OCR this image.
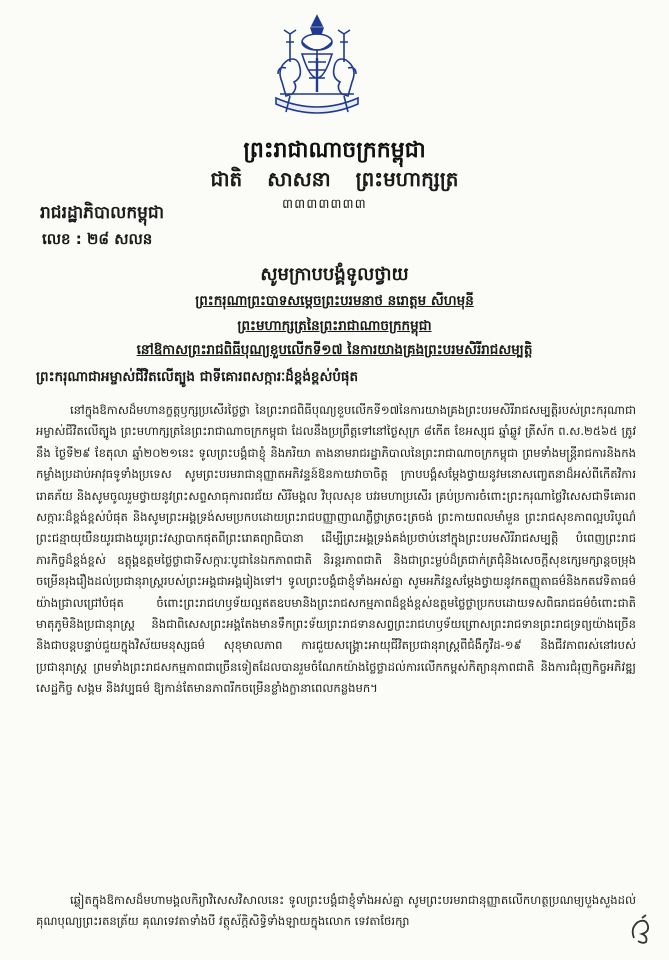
ព្រះរាជាណាចក្រកម្ពុជា
ជាតិ សាសនា ព្រះមហាក្សត្រ
៣៣៣៣៣៣៣
រាជរដ្ឋាភិបាលកម្ពុជា
លេខ : ២៨ សលន
សូមក្រាបបង្គំទូលថ្វាយ
ព្រះករុណាព្រះបាទសម្ដេចព្រះបរមនាថ នរោត្តម សីហមុនី
ព្រះមហាក្សត្រនៃព្រះរាជាណាចក្រកម្ពុជា
នៅឱកាសព្រះរាជពិធីបុណ្យខួបលើកទី១៧ នៃការយាងគ្រងព្រះបរមសិរីរាជសម្បត្តិ
ព្រះករុណាជាអម្ចាស់ជីវិតលើត្បូង ជាទីគោរពសក្ការៈដ៏ខ្ពង់ខ្ពស់បំផុត
នៅក្នុងឱកាសដ៏មហានក្ខត្តឫក្សប្រសើរថ្លៃថ្លា នៃព្រះរាជពិធីបុណ្យខួបលើកទី១៧នៃការយាងគ្រងព្រះបរមសិរីរាជសម្បត្តិរបស់ព្រះករុណាជាអម្ចាស់ជីវិតលើត្បូង ព្រះមហាក្សត្រនៃព្រះរាជាណាចក្រកម្ពុជា ដែលនឹងប្រព្រឹត្តទៅនៅថ្ងៃសុក្រ ៨កើត ខែអស្សុជ ឆ្នាំឆ្លូវ ត្រីស័ក ព.ស.២៥៦៥ ត្រូវនឹង ថ្ងៃទី២៩ ខែតុលា ឆ្នាំ២០២១នេះ ទូលព្រះបង្គំជាខ្ញុំ និងភរិយា តាងនាមរាជរដ្ឋាភិបាលនៃព្រះរាជាណាចក្រកម្ពុជា ព្រមទាំងមន្ត្រីរាជការនិងកងកម្លាំងប្រដាប់អាវុធទូទាំងប្រទេស សូមព្រះបរមរាជានុញ្ញាតអភិវន្ទន៍ឱនកាយវាចាចិត្ត ក្រាបបង្គំសម្តែងថ្វាយនូវមនោសញ្ចេតនាដ៏អស់ពីកើតវិការរោគភ័យ និងសូមចូលរួមថ្វាយនូវព្រះសព្ទសាធុការពរជ័យ សិរីមង្គល វិបុលសុខ បវរមហាប្រសើរ គ្រប់ប្រការចំពោះព្រះករុណាថ្លៃវិសេសជាទីគោរពសក្ការៈដ៏ខ្ពង់ខ្ពស់បំផុត និងសូមព្រះអង្គទ្រង់សមប្រកបដោយព្រះរាជបញ្ញាញាណភ្លឺថ្លាត្រចះត្រចង់ ព្រះកាយពលមាំមួន ព្រះរាជសុខភាពល្អបរិបូណ៌ ព្រះជន្មាយុយឺនយូរជាងយូរព្រះវស្សាបាកផុតពីព្រះរោគព្យាធិបានា ដើម្បីព្រះអង្គទ្រង់គង់ប្រថាប់នៅក្នុងព្រះបរមសិរីរាជសម្បត្តិ បំពេញព្រះរាជភារកិច្ចដ៏ខ្ពង់ខ្ពស់ ឧត្តុង្គឧត្តមថ្លៃថ្លាជាទីសក្ការៈបូជានៃឯកភាពជាតិ និរន្តរភាពជាតិ និងជាព្រះម្លប់ដ៏ត្រជាក់ត្រជុំនិងសេចក្តីសុខក្សេមក្សាន្តចម្រុងចម្រើនរុងរឿងដល់ប្រជានុរាស្ត្ររបស់ព្រះអង្គជាអង្គរៀងទៅ។ ទូលព្រះបង្គំជាខ្ញុំទាំងអស់គ្នា សូមអភិវន្ទសម្តែងថ្វាយនូវកតញ្ញុតាធម៌និងកតវេទិតាធម៌យ៉ាងជ្រាលជ្រៅបំផុត ចំពោះព្រះរាជហឫទ័យល្អឥតឧបមានិងព្រះរាជសកម្មភាពដ៏ខ្ពង់ខ្ពស់ឧត្តមថ្លៃថ្លាប្រកបដោយទសពិធរាជធម៌ចំពោះជាតិមាតុភូមិនិងប្រជានុរាស្ត្រ និងជាពិសេសព្រះអង្គតែងមានទឹកព្រះទ័យព្រះរាជទានសព្វព្រះរាជហឫទ័យព្រោសព្រះរាជទានព្រះរាជទ្រព្យយ៉ាងច្រើន និងជាបន្តបន្ទាប់ជួយក្នុងវិស័យមនុស្សធម៌ សុខុមាលភាព ការជួយសង្គ្រោះអាយុជីវិតប្រជានុរាស្ត្រពីជំងឺកូវីដ-១៩ និងជីវភាពរស់នៅរបស់ប្រជានុរាស្ត្រ ព្រមទាំងព្រះរាជសកម្មភាពជាច្រើនទៀតដែលបានរួមចំណែកយ៉ាងថ្លៃថ្លាដល់ការលើកកម្ពស់កិត្យានុភាពជាតិ និងការជំរុញកិច្ចអភិវឌ្ឍសេដ្ឋកិច្ច សង្គម និងវប្បធម៌ ឱ្យកាន់តែមានភាពរីកចម្រើនខ្លាំងក្លានាពេលកន្លងមក។
ឆ្លៀតក្នុងឱកាសដ៏មហាមង្គលកិរ្យាវិសេសវិសាលនេះ ទូលព្រះបង្គំជាខ្ញុំទាំងអស់គ្នា សូមព្រះបរមរាជានុញ្ញាតលើកហត្ថប្រណម្យបួងសួងដល់គុណបុណ្យព្រះរតនត្រ័យ គុណទេវតាទាំងបី វត្ថុស័ក្តិសិទ្ធិទាំងឡាយក្នុងលោក ទេវតាថែរក្សា
